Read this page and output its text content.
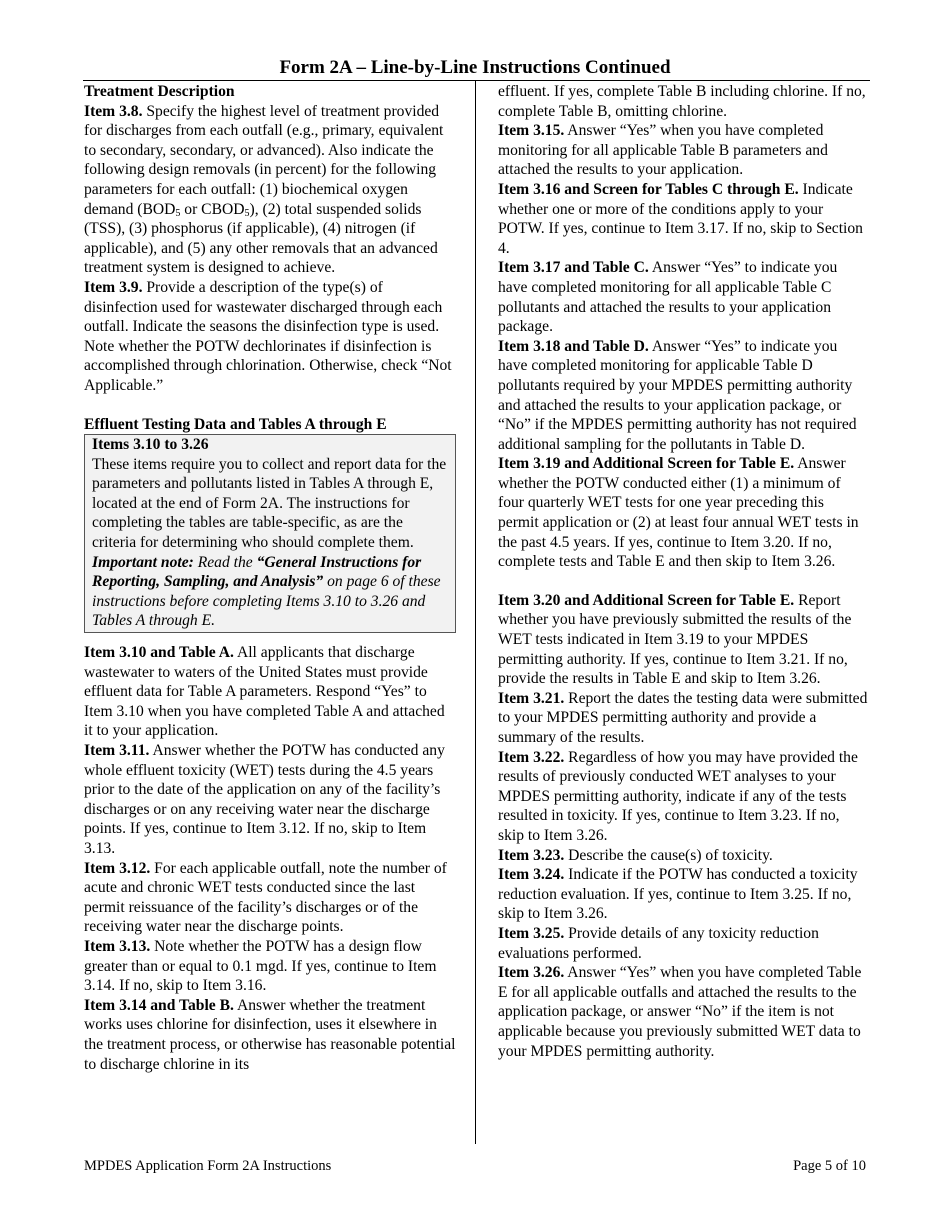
Form 2A – Line-by-Line Instructions Continued

Treatment Description

Item 3.8. Specify the highest level of treatment provided for discharges from each outfall (e.g., primary, equivalent to secondary, secondary, or advanced). Also indicate the following design removals (in percent) for the following parameters for each outfall: (1) biochemical oxygen demand ($BOD_5$ or $CBOD_5$), (2) total suspended solids (TSS), (3) phosphorus (if applicable), (4) nitrogen (if applicable), and (5) any other removals that an advanced treatment system is designed to achieve.

Item 3.9. Provide a description of the type(s) of disinfection used for wastewater discharged through each outfall. Indicate the seasons the disinfection type is used. Note whether the POTW dechlorinates if disinfection is accomplished through chlorination. Otherwise, check “Not Applicable.”

Effluent Testing Data and Tables A through E

Items 3.10 to 3.26

These items require you to collect and report data for the parameters and pollutants listed in Tables A through E, located at the end of Form 2A. The instructions for completing the tables are table-specific, as are the criteria for determining who should complete them.

Important note: Read the “General Instructions for Reporting, Sampling, and Analysis” on page 6 of these instructions before completing Items 3.10 to 3.26 and Tables A through E.

Item 3.10 and Table A. All applicants that discharge wastewater to waters of the United States must provide effluent data for Table A parameters. Respond “Yes” to Item 3.10 when you have completed Table A and attached it to your application.

Item 3.11. Answer whether the POTW has conducted any whole effluent toxicity (WET) tests during the 4.5 years prior to the date of the application on any of the facility’s discharges or on any receiving water near the discharge points. If yes, continue to Item 3.12. If no, skip to Item 3.13.

Item 3.12. For each applicable outfall, note the number of acute and chronic WET tests conducted since the last permit reissuance of the facility’s discharges or of the receiving water near the discharge points.

Item 3.13. Note whether the POTW has a design flow greater than or equal to 0.1 mgd. If yes, continue to Item 3.14. If no, skip to Item 3.16.

Item 3.14 and Table B. Answer whether the treatment works uses chlorine for disinfection, uses it elsewhere in the treatment process, or otherwise has reasonable potential to discharge chlorine in its

effluent. If yes, complete Table B including chlorine. If no, complete Table B, omitting chlorine.

Item 3.15. Answer “Yes” when you have completed monitoring for all applicable Table B parameters and attached the results to your application.

Item 3.16 and Screen for Tables C through E. Indicate whether one or more of the conditions apply to your POTW. If yes, continue to Item 3.17. If no, skip to Section 4.

Item 3.17 and Table C. Answer “Yes” to indicate you have completed monitoring for all applicable Table C pollutants and attached the results to your application package.

Item 3.18 and Table D. Answer “Yes” to indicate you have completed monitoring for applicable Table D pollutants required by your MPDES permitting authority and attached the results to your application package, or “No” if the MPDES permitting authority has not required additional sampling for the pollutants in Table D.

Item 3.19 and Additional Screen for Table E. Answer whether the POTW conducted either (1) a minimum of four quarterly WET tests for one year preceding this permit application or (2) at least four annual WET tests in the past 4.5 years. If yes, continue to Item 3.20. If no, complete tests and Table E and then skip to Item 3.26.

Item 3.20 and Additional Screen for Table E. Report whether you have previously submitted the results of the WET tests indicated in Item 3.19 to your MPDES permitting authority. If yes, continue to Item 3.21. If no, provide the results in Table E and skip to Item 3.26.

Item 3.21. Report the dates the testing data were submitted to your MPDES permitting authority and provide a summary of the results.

Item 3.22. Regardless of how you may have provided the results of previously conducted WET analyses to your MPDES permitting authority, indicate if any of the tests resulted in toxicity. If yes, continue to Item 3.23. If no, skip to Item 3.26.

Item 3.23. Describe the cause(s) of toxicity.

Item 3.24. Indicate if the POTW has conducted a toxicity reduction evaluation. If yes, continue to Item 3.25. If no, skip to Item 3.26.

Item 3.25. Provide details of any toxicity reduction evaluations performed.

Item 3.26. Answer “Yes” when you have completed Table E for all applicable outfalls and attached the results to the application package, or answer “No” if the item is not applicable because you previously submitted WET data to your MPDES permitting authority.

MPDES Application Form 2A Instructions	Page 5 of 10
